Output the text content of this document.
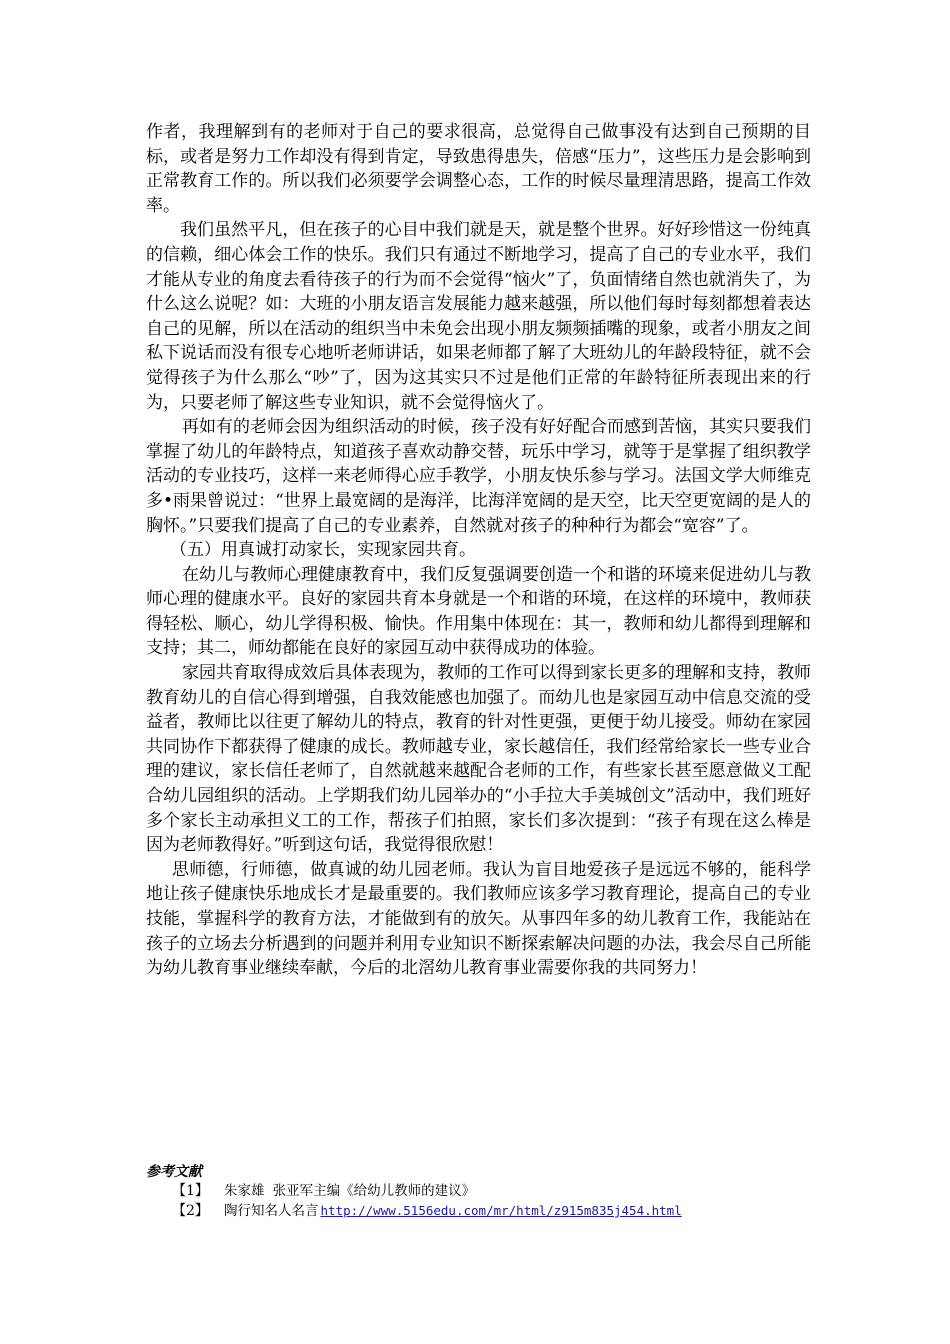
作者，我理解到有的老师对于自己的要求很高，总觉得自己做事没有达到自己预期的目标，或者是努力工作却没有得到肯定，导致患得患失，倍感“压力”，这些压力是会影响到正常教育工作的。所以我们必须要学会调整心态，工作的时候尽量理清思路，提高工作效率。

我们虽然平凡，但在孩子的心目中我们就是天，就是整个世界。好好珍惜这一份纯真的信赖，细心体会工作的快乐。我们只有通过不断地学习，提高了自己的专业水平，我们才能从专业的角度去看待孩子的行为而不会觉得“恼火”了，负面情绪自然也就消失了，为什么这么说呢？如：大班的小朋友语言发展能力越来越强，所以他们每时每刻都想着表达自己的见解，所以在活动的组织当中未免会出现小朋友频频插嘴的现象，或者小朋友之间私下说话而没有很专心地听老师讲话，如果老师都了解了大班幼儿的年龄段特征，就不会觉得孩子为什么那么“吵”了，因为这其实只不过是他们正常的年龄特征所表现出来的行为，只要老师了解这些专业知识，就不会觉得恼火了。

再如有的老师会因为组织活动的时候，孩子没有好好配合而感到苦恼，其实只要我们掌握了幼儿的年龄特点，知道孩子喜欢动静交替，玩乐中学习，就等于是掌握了组织教学活动的专业技巧，这样一来老师得心应手教学，小朋友快乐参与学习。法国文学大师维克多•雨果曾说过：“世界上最宽阔的是海洋，比海洋宽阔的是天空，比天空更宽阔的是人的胸怀。”只要我们提高了自己的专业素养，自然就对孩子的种种行为都会“宽容”了。

（五）用真诚打动家长，实现家园共育。

在幼儿与教师心理健康教育中，我们反复强调要创造一个和谐的环境来促进幼儿与教师心理的健康水平。良好的家园共育本身就是一个和谐的环境，在这样的环境中，教师获得轻松、顺心，幼儿学得积极、愉快。作用集中体现在：其一，教师和幼儿都得到理解和支持；其二，师幼都能在良好的家园互动中获得成功的体验。

家园共育取得成效后具体表现为，教师的工作可以得到家长更多的理解和支持，教师教育幼儿的自信心得到增强，自我效能感也加强了。而幼儿也是家园互动中信息交流的受益者，教师比以往更了解幼儿的特点，教育的针对性更强，更便于幼儿接受。师幼在家园共同协作下都获得了健康的成长。教师越专业，家长越信任，我们经常给家长一些专业合理的建议，家长信任老师了，自然就越来越配合老师的工作，有些家长甚至愿意做义工配合幼儿园组织的活动。上学期我们幼儿园举办的“小手拉大手美城创文”活动中，我们班好多个家长主动承担义工的工作，帮孩子们拍照，家长们多次提到：“孩子有现在这么棒是因为老师教得好。”听到这句话，我觉得很欣慰！

思师德，行师德，做真诚的幼儿园老师。我认为盲目地爱孩子是远远不够的，能科学地让孩子健康快乐地成长才是最重要的。我们教师应该多学习教育理论，提高自己的专业技能，掌握科学的教育方法，才能做到有的放矢。从事四年多的幼儿教育工作，我能站在孩子的立场去分析遇到的问题并利用专业知识不断探索解决问题的办法，我会尽自己所能为幼儿教育事业继续奉献，今后的北滘幼儿教育事业需要你我的共同努力！

参考文献

【1】	朱家雄 张亚军主编《给幼儿教师的建议》
【2】	陶行知名人名言 http://www.5156edu.com/mr/html/z915m835j454.html
